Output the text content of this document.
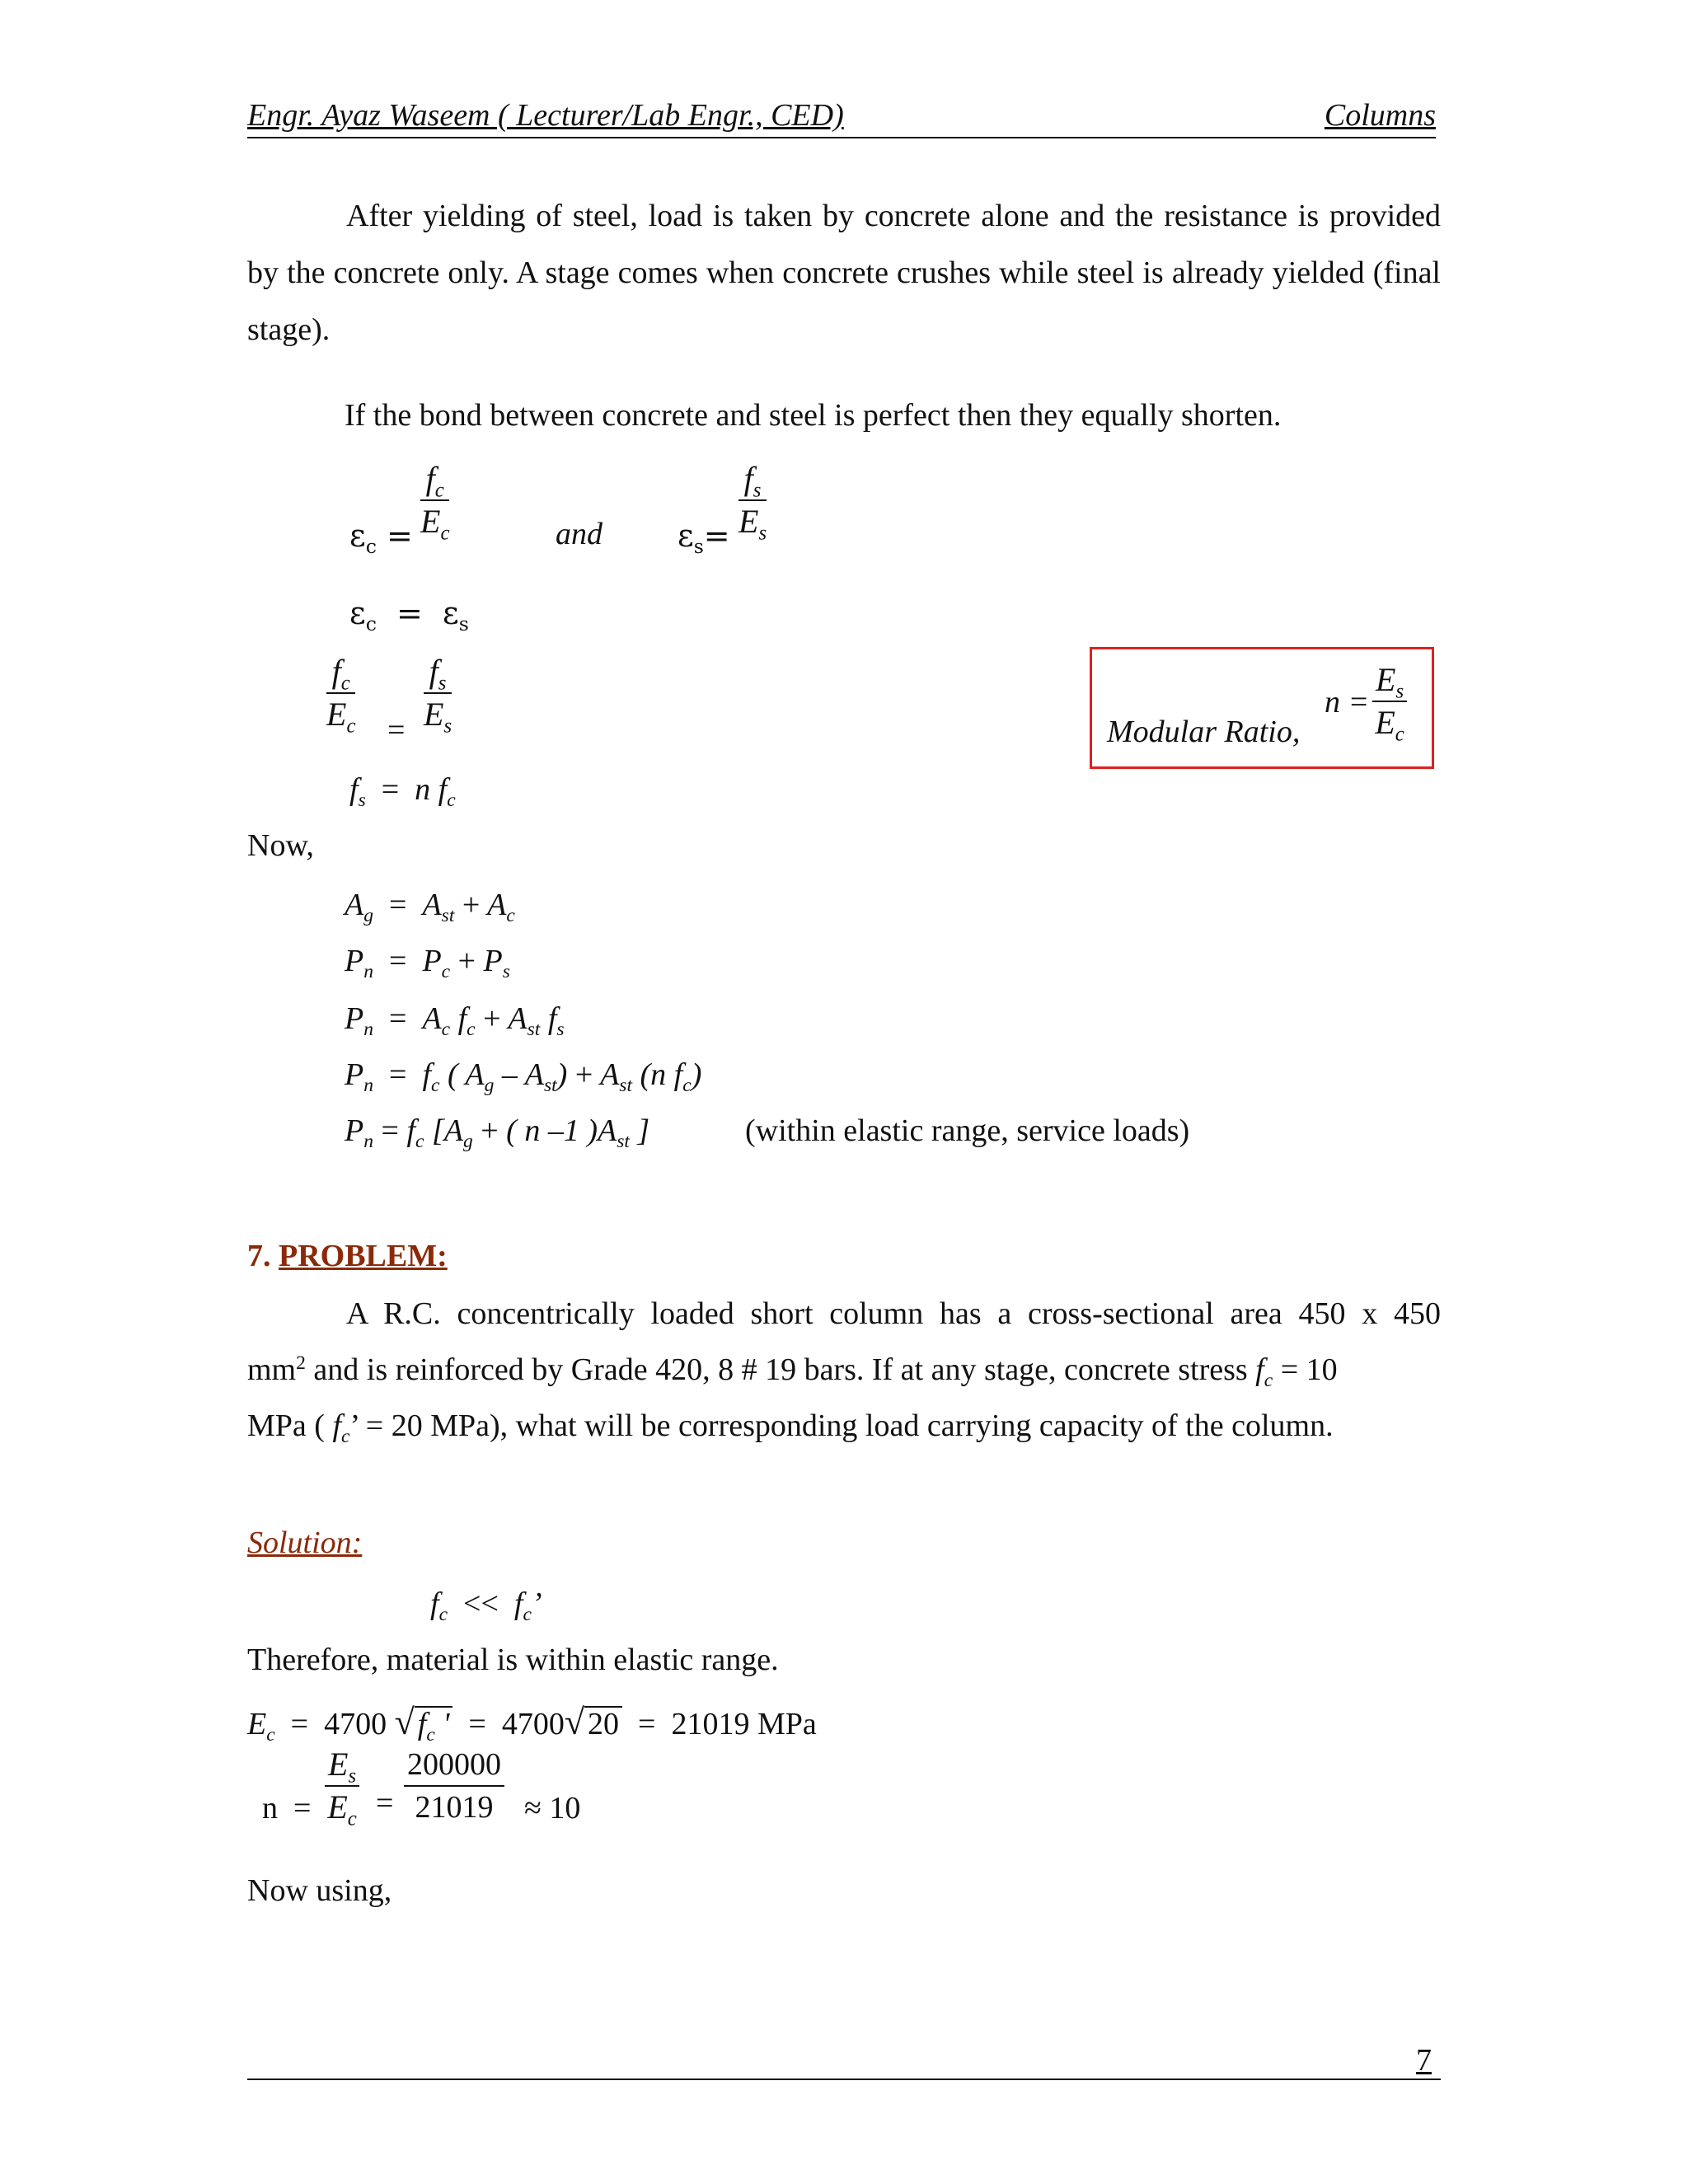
Engr. Ayaz Waseem ( Lecturer/Lab Engr., CED)	Columns
After yielding of steel, load is taken by concrete alone and the resistance is provided by the concrete only. A stage comes when concrete crushes while steel is already yielded (final stage).
If the bond between concrete and steel is perfect then they equally shorten.
$\varepsilon_c = \frac{f_c}{E_c}$	and $\varepsilon_s= \frac{f_s}{E_s}$
$\varepsilon_c = \varepsilon_s$
$\frac{f_c}{E_c} = \frac{f_s}{E_s}$
$f_s = n$ $f_c$
Modular Ratio,
$n = \frac{E_s}{E_c}$
Now,
$A_g = A_{st} + A_c$
$P_n = P_c + P_s$
$P_n = A_c$ $f_c + A_{st}$ $f_s$
$P_n = f_c$ ( $A_g - A_{st}) + A_{st}$ (n $f_c$)
$P_n = f_c$ [$A_g$ + ( n –1 )$A_{st}$ ]	(within elastic range, service loads)
7. PROBLEM:
A R.C. concentrically loaded short column has a cross-sectional area 450 x 450
$mm^2$ and is reinforced by Grade 420, 8 # 19 bars. If at any stage, concrete stress $f_c = 10$
MPa ( $f_c$’ = 20 MPa), what will be corresponding load carrying capacity of the column.
Solution:
$f_c << f_c$’
Therefore, material is within elastic range.
$E_c = 4700$ √ $f_c$ '  =  4700√ 20  =  21019 MPa
$n = \frac{E_s}{E_c} = \frac{200000}{21019} \approx 10$
Now using,
7
